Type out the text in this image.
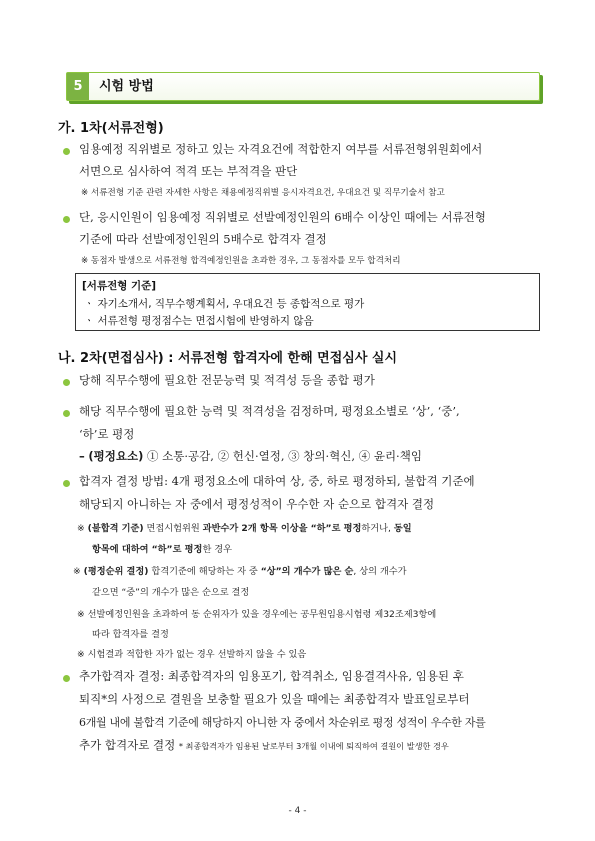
5	시험 방법
가. 1차(서류전형)
임용예정 직위별로 정하고 있는 자격요건에 적합한지 여부를 서류전형위원회에서
서면으로 심사하여 적격 또는 부적격을 판단
※ 서류전형 기준 관련 자세한 사항은 채용예정직위별 응시자격요건, 우대요건 및 직무기술서 참고
단, 응시인원이 임용예정 직위별로 선발예정인원의 6배수 이상인 때에는 서류전형
기준에 따라 선발예정인원의 5배수로 합격자 결정
※ 동점자 발생으로 서류전형 합격예정인원을 초과한 경우, 그 동점자를 모두 합격처리
[서류전형 기준]
ㆍ 자기소개서, 직무수행계획서, 우대요건 등 종합적으로 평가
ㆍ 서류전형 평정점수는 면접시험에 반영하지 않음
나. 2차(면접심사) : 서류전형 합격자에 한해 면접심사 실시
당해 직무수행에 필요한 전문능력 및 적격성 등을 종합 평가
해당 직무수행에 필요한 능력 및 적격성을 검정하며, 평정요소별로 ‘상’, ‘중’,
‘하’로 평정
– (평정요소) ① 소통·공감, ② 헌신·열정, ③ 창의·혁신, ④ 윤리·책임
합격자 결정 방법: 4개 평정요소에 대하여 상, 중, 하로 평정하되, 불합격 기준에
해당되지 아니하는 자 중에서 평정성적이 우수한 자 순으로 합격자 결정
※ (불합격 기준) 면접시험위원 과반수가 2개 항목 이상을 “하”로 평정하거나, 동일
항목에 대하여 “하”로 평정한 경우
※ (평정순위 결정) 합격기준에 해당하는 자 중 “상”의 개수가 많은 순, 상의 개수가
같으면 “중”의 개수가 많은 순으로 결정
※ 선발예정인원을 초과하여 동 순위자가 있을 경우에는 공무원임용시험령 제32조제3항에
따라 합격자를 결정
※ 시험결과 적합한 자가 없는 경우 선발하지 않을 수 있음
추가합격자 결정: 최종합격자의 임용포기, 합격취소, 임용결격사유, 임용된 후
퇴직*의 사정으로 결원을 보충할 필요가 있을 때에는 최종합격자 발표일로부터
6개월 내에 불합격 기준에 해당하지 아니한 자 중에서 차순위로 평정 성적이 우수한 자를
추가 합격자로 결정 * 최종합격자가 임용된 날로부터 3개월 이내에 퇴직하여 결원이 발생한 경우
- 4 -
